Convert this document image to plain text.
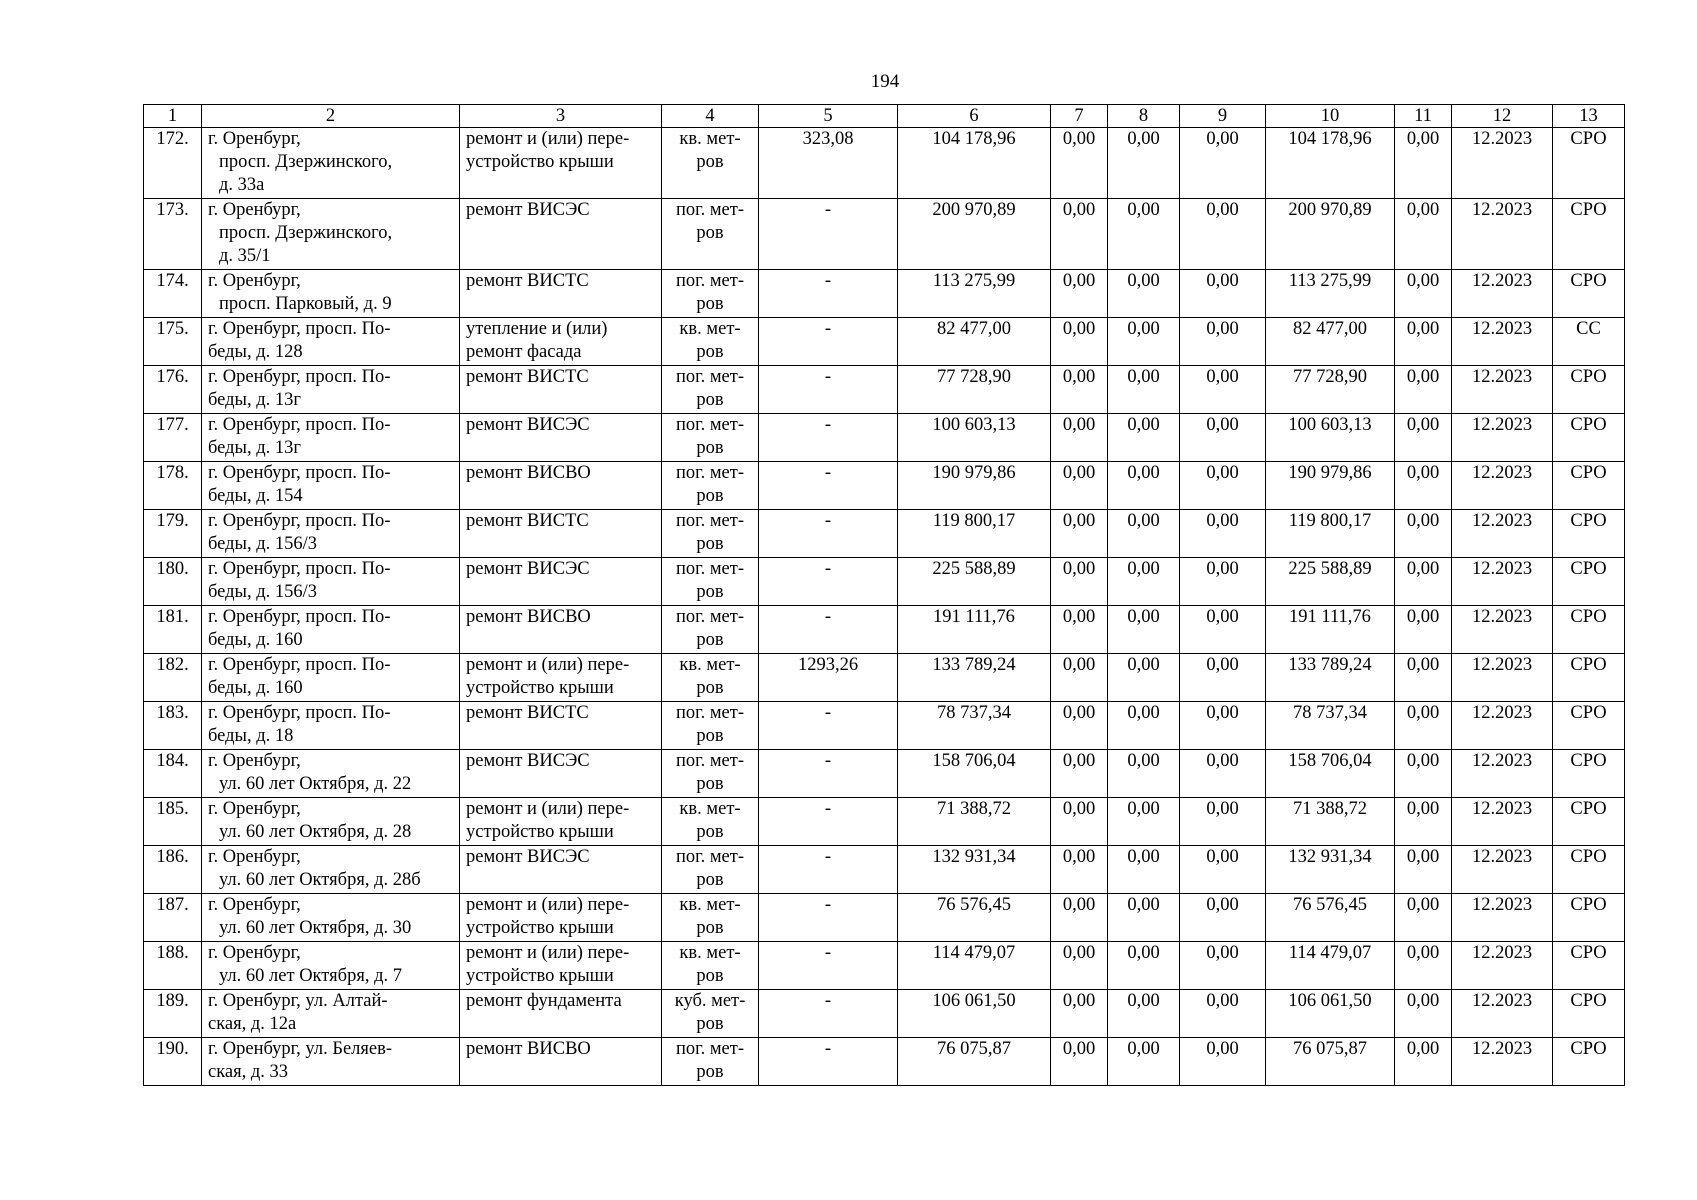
194
1	2	3	4	5	6	7	8	9	10	11	12	13
172.	г. Оренбург,
просп. Дзержинского,
д. 33а	ремонт и (или) пере-
устройство крыши	кв. мет-ров	323,08	104 178,96	0,00	0,00	0,00	104 178,96	0,00	12.2023	СРО
173.	г. Оренбург,
просп. Дзержинского,
д. 35/1	ремонт ВИСЭС	пог. мет-ров	-	200 970,89	0,00	0,00	0,00	200 970,89	0,00	12.2023	СРО
174.	г. Оренбург,
просп. Парковый, д. 9	ремонт ВИСТС	пог. мет-ров	-	113 275,99	0,00	0,00	0,00	113 275,99	0,00	12.2023	СРО
175.	г. Оренбург, просп. По-
беды, д. 128	утепление и (или)
ремонт фасада	кв. мет-ров	-	82 477,00	0,00	0,00	0,00	82 477,00	0,00	12.2023	СС
176.	г. Оренбург, просп. По-
беды, д. 13г	ремонт ВИСТС	пог. мет-ров	-	77 728,90	0,00	0,00	0,00	77 728,90	0,00	12.2023	СРО
177.	г. Оренбург, просп. По-
беды, д. 13г	ремонт ВИСЭС	пог. мет-ров	-	100 603,13	0,00	0,00	0,00	100 603,13	0,00	12.2023	СРО
178.	г. Оренбург, просп. По-
беды, д. 154	ремонт ВИСВО	пог. мет-ров	-	190 979,86	0,00	0,00	0,00	190 979,86	0,00	12.2023	СРО
179.	г. Оренбург, просп. По-
беды, д. 156/3	ремонт ВИСТС	пог. мет-ров	-	119 800,17	0,00	0,00	0,00	119 800,17	0,00	12.2023	СРО
180.	г. Оренбург, просп. По-
беды, д. 156/3	ремонт ВИСЭС	пог. мет-ров	-	225 588,89	0,00	0,00	0,00	225 588,89	0,00	12.2023	СРО
181.	г. Оренбург, просп. По-
беды, д. 160	ремонт ВИСВО	пог. мет-ров	-	191 111,76	0,00	0,00	0,00	191 111,76	0,00	12.2023	СРО
182.	г. Оренбург, просп. По-
беды, д. 160	ремонт и (или) пере-
устройство крыши	кв. мет-ров	1293,26	133 789,24	0,00	0,00	0,00	133 789,24	0,00	12.2023	СРО
183.	г. Оренбург, просп. По-
беды, д. 18	ремонт ВИСТС	пог. мет-ров	-	78 737,34	0,00	0,00	0,00	78 737,34	0,00	12.2023	СРО
184.	г. Оренбург,
ул. 60 лет Октября, д. 22	ремонт ВИСЭС	пог. мет-ров	-	158 706,04	0,00	0,00	0,00	158 706,04	0,00	12.2023	СРО
185.	г. Оренбург,
ул. 60 лет Октября, д. 28	ремонт и (или) пере-
устройство крыши	кв. мет-ров	-	71 388,72	0,00	0,00	0,00	71 388,72	0,00	12.2023	СРО
186.	г. Оренбург,
ул. 60 лет Октября, д. 28б	ремонт ВИСЭС	пог. мет-ров	-	132 931,34	0,00	0,00	0,00	132 931,34	0,00	12.2023	СРО
187.	г. Оренбург,
ул. 60 лет Октября, д. 30	ремонт и (или) пере-
устройство крыши	кв. мет-ров	-	76 576,45	0,00	0,00	0,00	76 576,45	0,00	12.2023	СРО
188.	г. Оренбург,
ул. 60 лет Октября, д. 7	ремонт и (или) пере-
устройство крыши	кв. мет-ров	-	114 479,07	0,00	0,00	0,00	114 479,07	0,00	12.2023	СРО
189.	г. Оренбург, ул. Алтай-
ская, д. 12а	ремонт фундамента	куб. мет-ров	-	106 061,50	0,00	0,00	0,00	106 061,50	0,00	12.2023	СРО
190.	г. Оренбург, ул. Беляев-
ская, д. 33	ремонт ВИСВО	пог. мет-ров	-	76 075,87	0,00	0,00	0,00	76 075,87	0,00	12.2023	СРО
